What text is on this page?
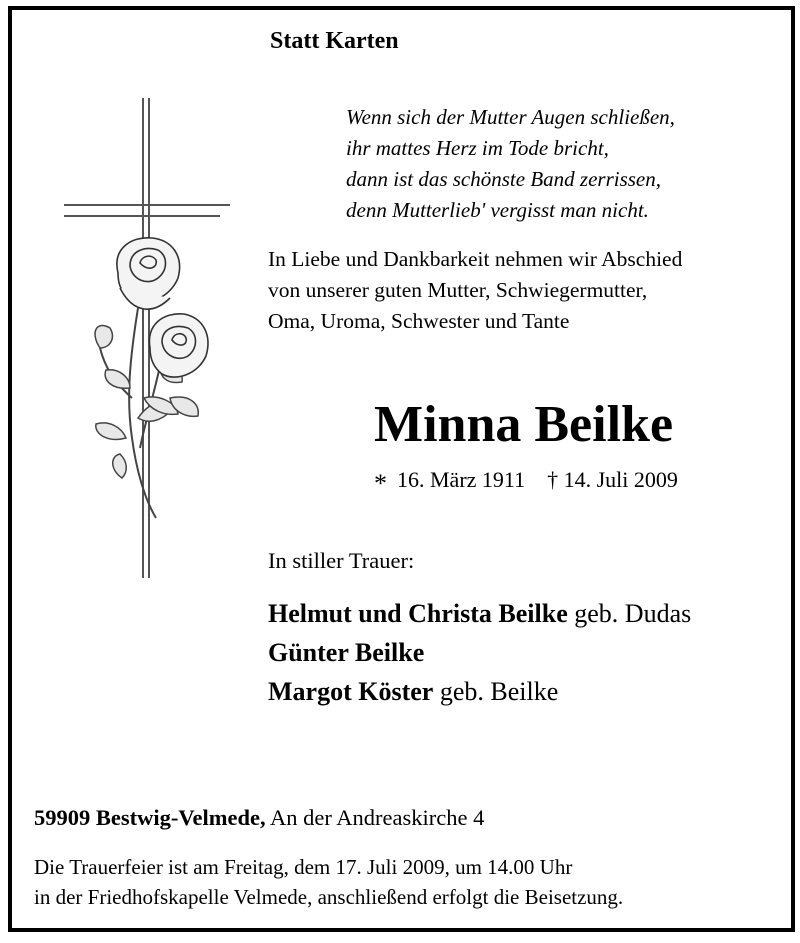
Statt Karten
Wenn sich der Mutter Augen schließen,
ihr mattes Herz im Tode bricht,
dann ist das schönste Band zerrissen,
denn Mutterlieb' vergisst man nicht.
In Liebe und Dankbarkeit nehmen wir Abschied
von unserer guten Mutter, Schwiegermutter,
Oma, Uroma, Schwester und Tante
Minna Beilke
* 16. März 1911 † 14. Juli 2009
In stiller Trauer:
Helmut und Christa Beilke geb. Dudas
Günter Beilke
Margot Köster geb. Beilke
59909 Bestwig-Velmede, An der Andreaskirche 4
Die Trauerfeier ist am Freitag, dem 17. Juli 2009, um 14.00 Uhr
in der Friedhofskapelle Velmede, anschließend erfolgt die Beisetzung.
